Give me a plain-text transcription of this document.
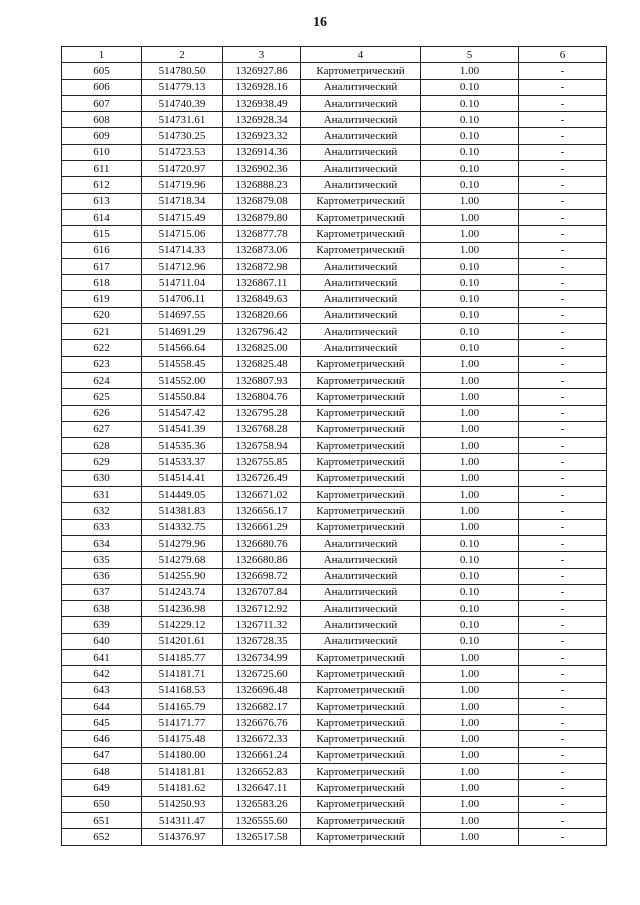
16
1	2	3	4	5	6
605	514780.50	1326927.86	Картометрический	1.00	-
606	514779.13	1326928.16	Аналитический	0.10	-
607	514740.39	1326938.49	Аналитический	0.10	-
608	514731.61	1326928.34	Аналитический	0.10	-
609	514730.25	1326923.32	Аналитический	0.10	-
610	514723.53	1326914.36	Аналитический	0.10	-
611	514720.97	1326902.36	Аналитический	0.10	-
612	514719.96	1326888.23	Аналитический	0.10	-
613	514718.34	1326879.08	Картометрический	1.00	-
614	514715.49	1326879.80	Картометрический	1.00	-
615	514715.06	1326877.78	Картометрический	1.00	-
616	514714.33	1326873.06	Картометрический	1.00	-
617	514712.96	1326872.98	Аналитический	0.10	-
618	514711.04	1326867.11	Аналитический	0.10	-
619	514706.11	1326849.63	Аналитический	0.10	-
620	514697.55	1326820.66	Аналитический	0.10	-
621	514691.29	1326796.42	Аналитический	0.10	-
622	514566.64	1326825.00	Аналитический	0.10	-
623	514558.45	1326825.48	Картометрический	1.00	-
624	514552.00	1326807.93	Картометрический	1.00	-
625	514550.84	1326804.76	Картометрический	1.00	-
626	514547.42	1326795.28	Картометрический	1.00	-
627	514541.39	1326768.28	Картометрический	1.00	-
628	514535.36	1326758.94	Картометрический	1.00	-
629	514533.37	1326755.85	Картометрический	1.00	-
630	514514.41	1326726.49	Картометрический	1.00	-
631	514449.05	1326671.02	Картометрический	1.00	-
632	514381.83	1326656.17	Картометрический	1.00	-
633	514332.75	1326661.29	Картометрический	1.00	-
634	514279.96	1326680.76	Аналитический	0.10	-
635	514279.68	1326680.86	Аналитический	0.10	-
636	514255.90	1326698.72	Аналитический	0.10	-
637	514243.74	1326707.84	Аналитический	0.10	-
638	514236.98	1326712.92	Аналитический	0.10	-
639	514229.12	1326711.32	Аналитический	0.10	-
640	514201.61	1326728.35	Аналитический	0.10	-
641	514185.77	1326734.99	Картометрический	1.00	-
642	514181.71	1326725.60	Картометрический	1.00	-
643	514168.53	1326696.48	Картометрический	1.00	-
644	514165.79	1326682.17	Картометрический	1.00	-
645	514171.77	1326676.76	Картометрический	1.00	-
646	514175.48	1326672.33	Картометрический	1.00	-
647	514180.00	1326661.24	Картометрический	1.00	-
648	514181.81	1326652.83	Картометрический	1.00	-
649	514181.62	1326647.11	Картометрический	1.00	-
650	514250.93	1326583.26	Картометрический	1.00	-
651	514311.47	1326555.60	Картометрический	1.00	-
652	514376.97	1326517.58	Картометрический	1.00	-
